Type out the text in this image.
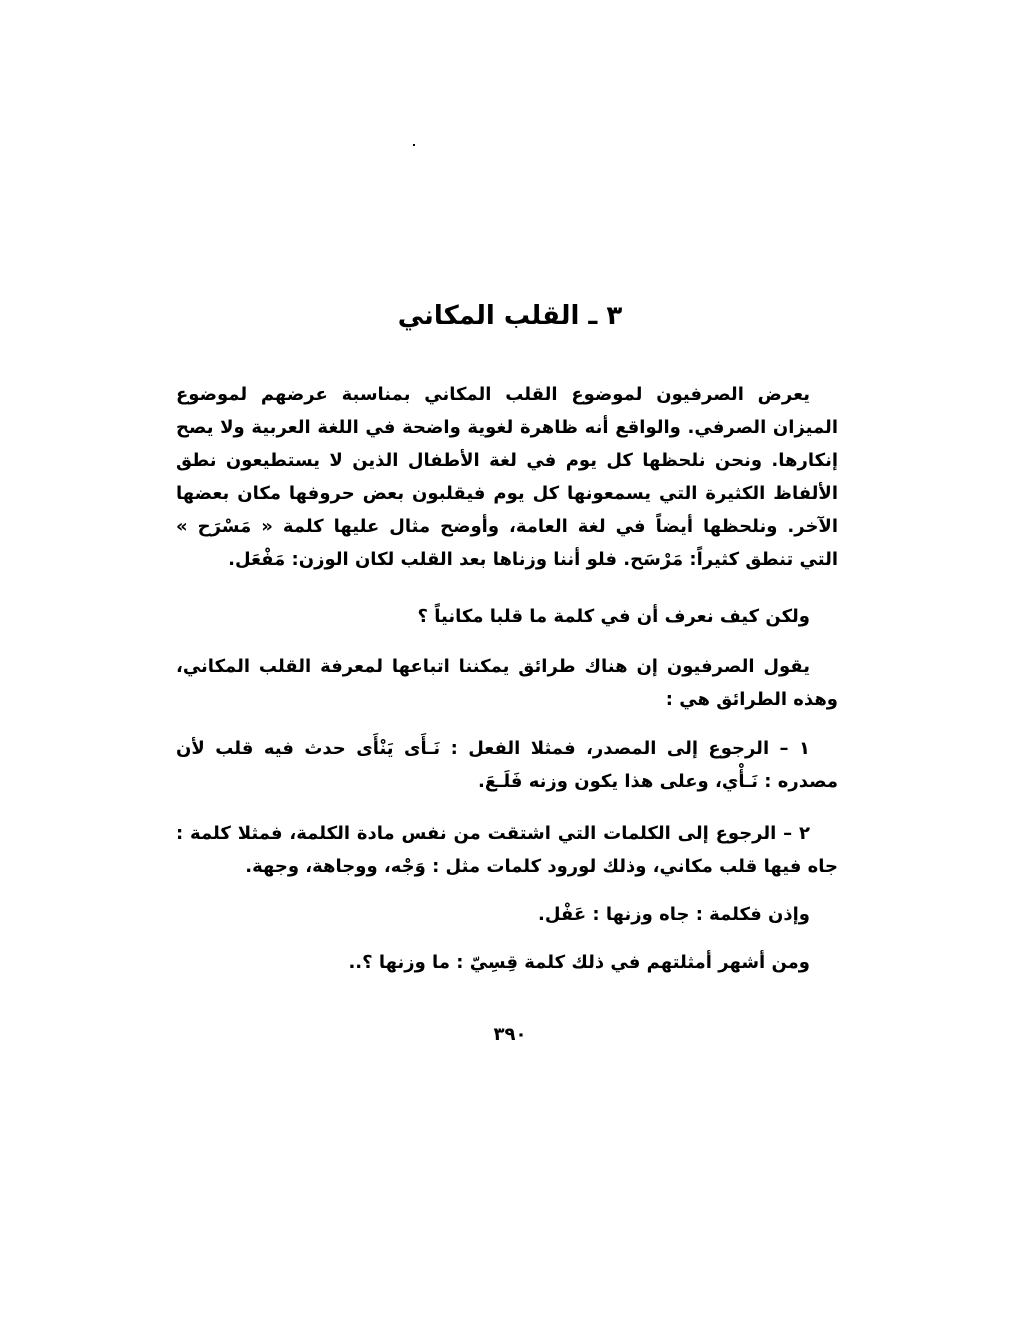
٣ ـ القلب المكاني

يعرض الصرفيون لموضوع القلب المكاني بمناسبة عرضهم لموضوع الميزان الصرفي. والواقع أنه ظاهرة لغوية واضحة في اللغة العربية ولا يصح إنكارها. ونحن نلحظها كل يوم في لغة الأطفال الذين لا يستطيعون نطق الألفاظ الكثيرة التي يسمعونها كل يوم فيقلبون بعض حروفها مكان بعضها الآخر. ونلحظها أيضاً في لغة العامة، وأوضح مثال عليها كلمة « مَسْرَح » التي تنطق كثيراً: مَرْسَح. فلو أننا وزناها بعد القلب لكان الوزن: مَفْعَل.

ولكن كيف نعرف أن في كلمة ما قلبا مكانياً ؟

يقول الصرفيون إن هناك طرائق يمكننا اتباعها لمعرفة القلب المكاني، وهذه الطرائق هي :

١ – الرجوع إلى المصدر، فمثلا الفعل : نَـأَى يَنْأَى حدث فيه قلب لأن مصدره : نَـأْي، وعلى هذا يكون وزنه فَلَـعَ.

٢ – الرجوع إلى الكلمات التي اشتقت من نفس مادة الكلمة، فمثلا كلمة : جاه فيها قلب مكاني، وذلك لورود كلمات مثل : وَجْه، ووجاهة، وجهة.

وإذن فكلمة : جاه وزنها : عَفْل.

ومن أشهر أمثلتهم في ذلك كلمة قِسِيّ : ما وزنها ؟..

٣٩٠
